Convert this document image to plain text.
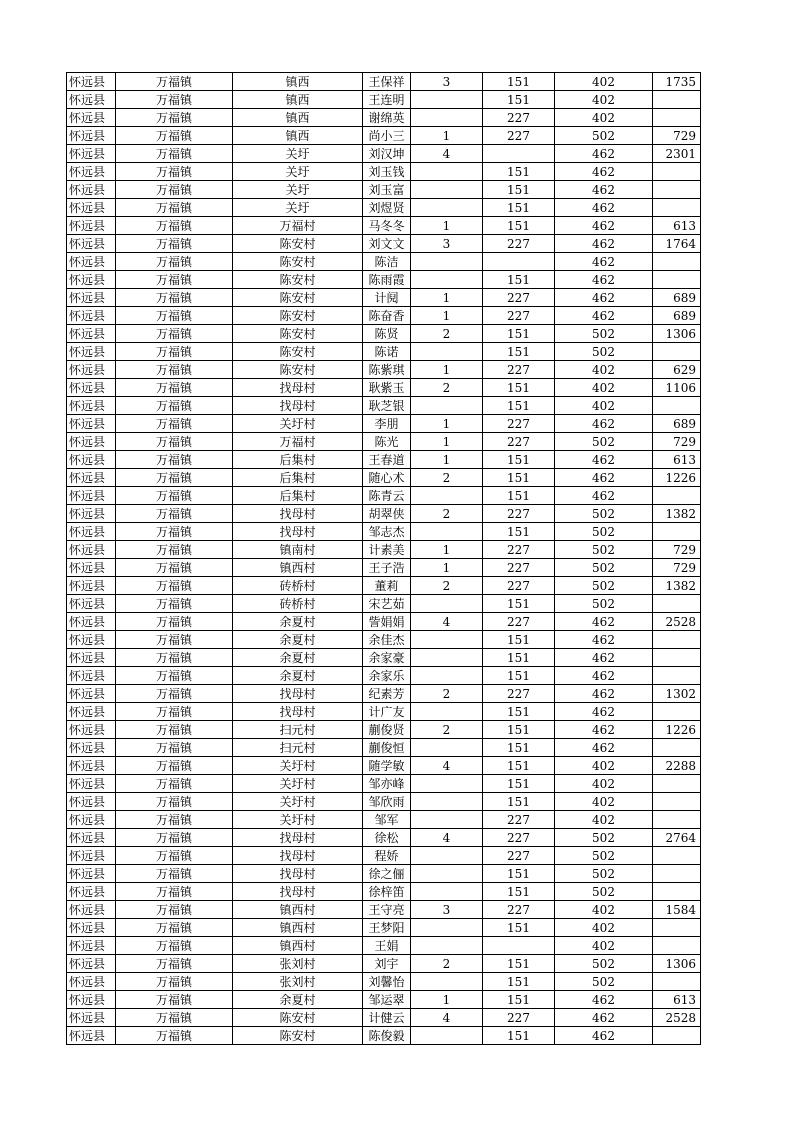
怀远县	万福镇	镇西	王保祥	3	151	402	1735
怀远县	万福镇	镇西	王连明		151	402	
怀远县	万福镇	镇西	谢绵英		227	402	
怀远县	万福镇	镇西	尚小三	1	227	502	729
怀远县	万福镇	关圩	刘汉坤	4		462	2301
怀远县	万福镇	关圩	刘玉钱		151	462	
怀远县	万福镇	关圩	刘玉富		151	462	
怀远县	万福镇	关圩	刘煜贤		151	462	
怀远县	万福镇	万福村	马冬冬	1	151	462	613
怀远县	万福镇	陈安村	刘文文	3	227	462	1764
怀远县	万福镇	陈安村	陈洁			462	
怀远县	万福镇	陈安村	陈雨霞		151	462	
怀远县	万福镇	陈安村	计阋	1	227	462	689
怀远县	万福镇	陈安村	陈奋香	1	227	462	689
怀远县	万福镇	陈安村	陈贤	2	151	502	1306
怀远县	万福镇	陈安村	陈诺		151	502	
怀远县	万福镇	陈安村	陈紫琪	1	227	402	629
怀远县	万福镇	找母村	耿紫玉	2	151	402	1106
怀远县	万福镇	找母村	耿芝银		151	402	
怀远县	万福镇	关圩村	李朋	1	227	462	689
怀远县	万福镇	万福村	陈光	1	227	502	729
怀远县	万福镇	后集村	王春道	1	151	462	613
怀远县	万福镇	后集村	随心术	2	151	462	1226
怀远县	万福镇	后集村	陈青云		151	462	
怀远县	万福镇	找母村	胡翠侠	2	227	502	1382
怀远县	万福镇	找母村	邹志杰		151	502	
怀远县	万福镇	镇南村	计素美	1	227	502	729
怀远县	万福镇	镇西村	王子浩	1	227	502	729
怀远县	万福镇	砖桥村	董莉	2	227	502	1382
怀远县	万福镇	砖桥村	宋艺茹		151	502	
怀远县	万福镇	余夏村	訾娟娟	4	227	462	2528
怀远县	万福镇	余夏村	余佳杰		151	462	
怀远县	万福镇	余夏村	余家豪		151	462	
怀远县	万福镇	余夏村	余家乐		151	462	
怀远县	万福镇	找母村	纪素芳	2	227	462	1302
怀远县	万福镇	找母村	计广友		151	462	
怀远县	万福镇	扫元村	蒯俊贤	2	151	462	1226
怀远县	万福镇	扫元村	蒯俊恒		151	462	
怀远县	万福镇	关圩村	随学敏	4	151	402	2288
怀远县	万福镇	关圩村	邹亦峰		151	402	
怀远县	万福镇	关圩村	邹欣雨		151	402	
怀远县	万福镇	关圩村	邹军		227	402	
怀远县	万福镇	找母村	徐松	4	227	502	2764
怀远县	万福镇	找母村	程娇		227	502	
怀远县	万福镇	找母村	徐之俪		151	502	
怀远县	万福镇	找母村	徐梓笛		151	502	
怀远县	万福镇	镇西村	王守亮	3	227	402	1584
怀远县	万福镇	镇西村	王梦阳		151	402	
怀远县	万福镇	镇西村	王娟			402	
怀远县	万福镇	张刘村	刘宇	2	151	502	1306
怀远县	万福镇	张刘村	刘馨怡		151	502	
怀远县	万福镇	余夏村	邹运翠	1	151	462	613
怀远县	万福镇	陈安村	计健云	4	227	462	2528
怀远县	万福镇	陈安村	陈俊毅		151	462	
